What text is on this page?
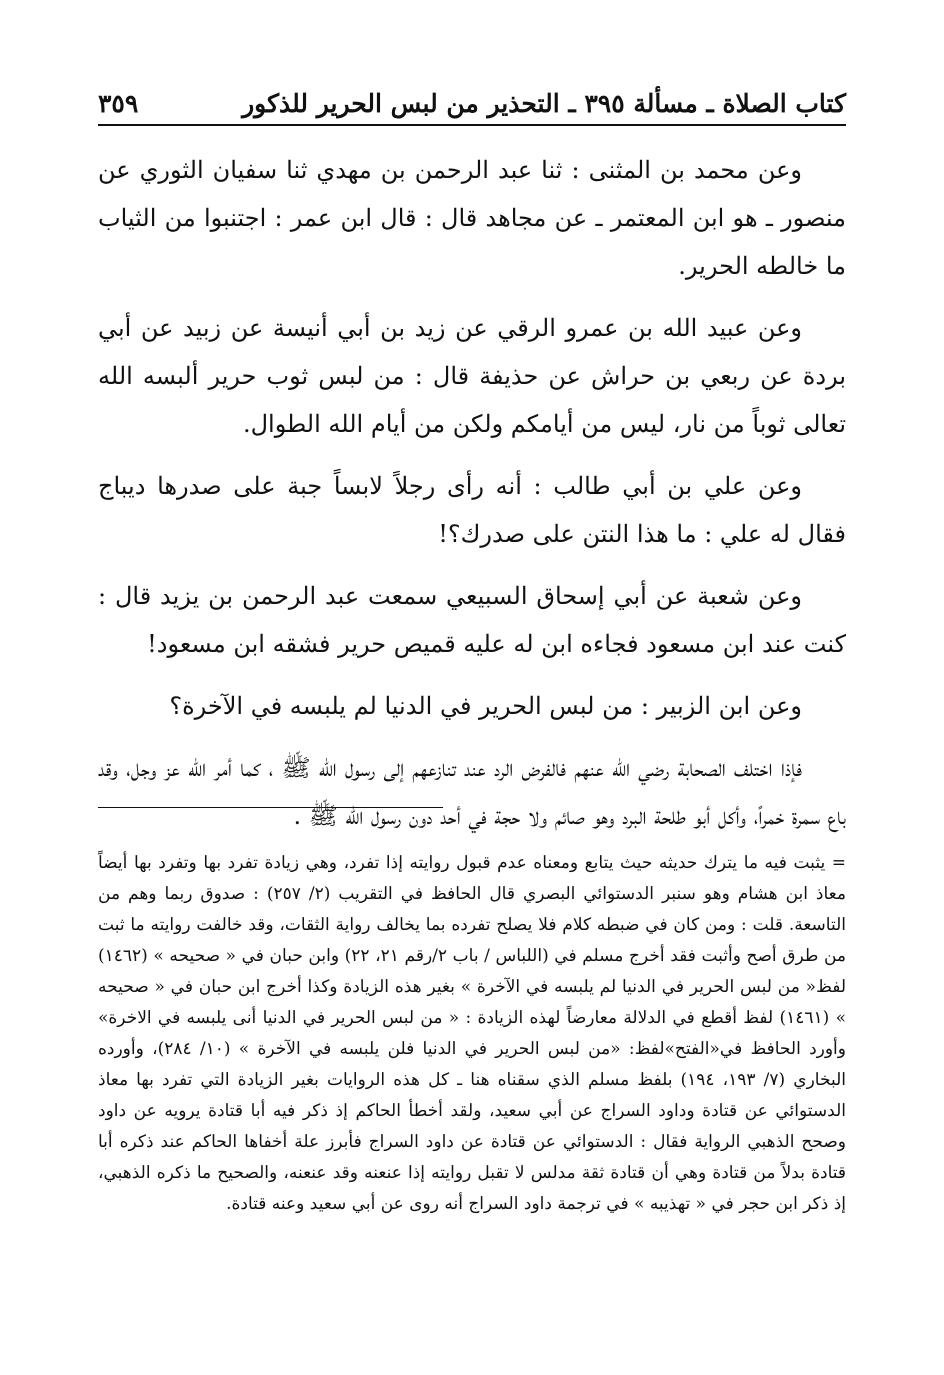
كتاب الصلاة ـ مسألة ٣٩٥ ـ التحذير من لبس الحرير للذكور
٣٥٩

وعن محمد بن المثنى : ثنا عبد الرحمن بن مهدي ثنا سفيان الثوري عن منصور ـ هو ابن المعتمر ـ عن مجاهد قال : قال ابن عمر : اجتنبوا من الثياب ما خالطه الحرير.

وعن عبيد الله بن عمرو الرقي عن زيد بن أبي أنيسة عن زبيد عن أبي بردة عن ربعي بن حراش عن حذيفة قال : من لبس ثوب حرير ألبسه الله تعالى ثوباً من نار، ليس من أيامكم ولكن من أيام الله الطوال.

وعن علي بن أبي طالب : أنه رأى رجلاً لابساً جبة على صدرها ديباج فقال له علي : ما هذا النتن على صدرك؟!

وعن شعبة عن أبي إسحاق السبيعي سمعت عبد الرحمن بن يزيد قال : كنت عند ابن مسعود فجاءه ابن له عليه قميص حرير فشقه ابن مسعود!

وعن ابن الزبير : من لبس الحرير في الدنيا لم يلبسه في الآخرة؟

فإذا اختلف الصحابة رضي الله عنهم فالفرض الرد عند تنازعهم إلى رسول الله ﷺ ، كما أمر الله عز وجل، وقد باع سمرة خمراً، وأكل أبو طلحة البرد وهو صائم ولا حجة في أحد دون رسول الله ﷺ .

= يثبت فيه ما يترك حديثه حيث يتابع ومعناه عدم قبول روايته إذا تفرد، وهي زيادة تفرد بها وتفرد بها أيضاً معاذ ابن هشام وهو سنبر الدستوائي البصري قال الحافظ في التقريب (٢/ ٢٥٧) : صدوق ربما وهم من التاسعة. قلت : ومن كان في ضبطه كلام فلا يصلح تفرده بما يخالف رواية الثقات، وقد خالفت روايته ما ثبت من طرق أصح وأثبت فقد أخرج مسلم في (اللباس / باب ٢/رقم ٢١، ٢٢) وابن حبان في « صحيحه » (١٤٦٢) لفظ« من لبس الحرير في الدنيا لم يلبسه في الآخرة » بغير هذه الزيادة وكذا أخرج ابن حبان في « صحيحه » (١٤٦١) لفظ أقطع في الدلالة معارضاً لهذه الزيادة : « من لبس الحرير في الدنيا أنى يلبسه في الاخرة» وأورد الحافظ في«الفتح»لفظ: «من لبس الحرير في الدنيا فلن يلبسه في الآخرة » (١٠/ ٢٨٤)، وأورده البخاري (٧/ ١٩٣، ١٩٤) بلفظ مسلم الذي سقناه هنا ـ كل هذه الروايات بغير الزيادة التي تفرد بها معاذ الدستوائي عن قتادة وداود السراج عن أبي سعيد، ولقد أخطأ الحاكم إذ ذكر فيه أبا قتادة يرويه عن داود وصحح الذهبي الرواية فقال : الدستوائي عن قتادة عن داود السراج فأبرز علة أخفاها الحاكم عند ذكره أبا قتادة بدلاً من قتادة وهي أن قتادة ثقة مدلس لا تقبل روايته إذا عنعنه وقد عنعنه، والصحيح ما ذكره الذهبي، إذ ذكر ابن حجر في « تهذيبه » في ترجمة داود السراج أنه روى عن أبي سعيد وعنه قتادة.
